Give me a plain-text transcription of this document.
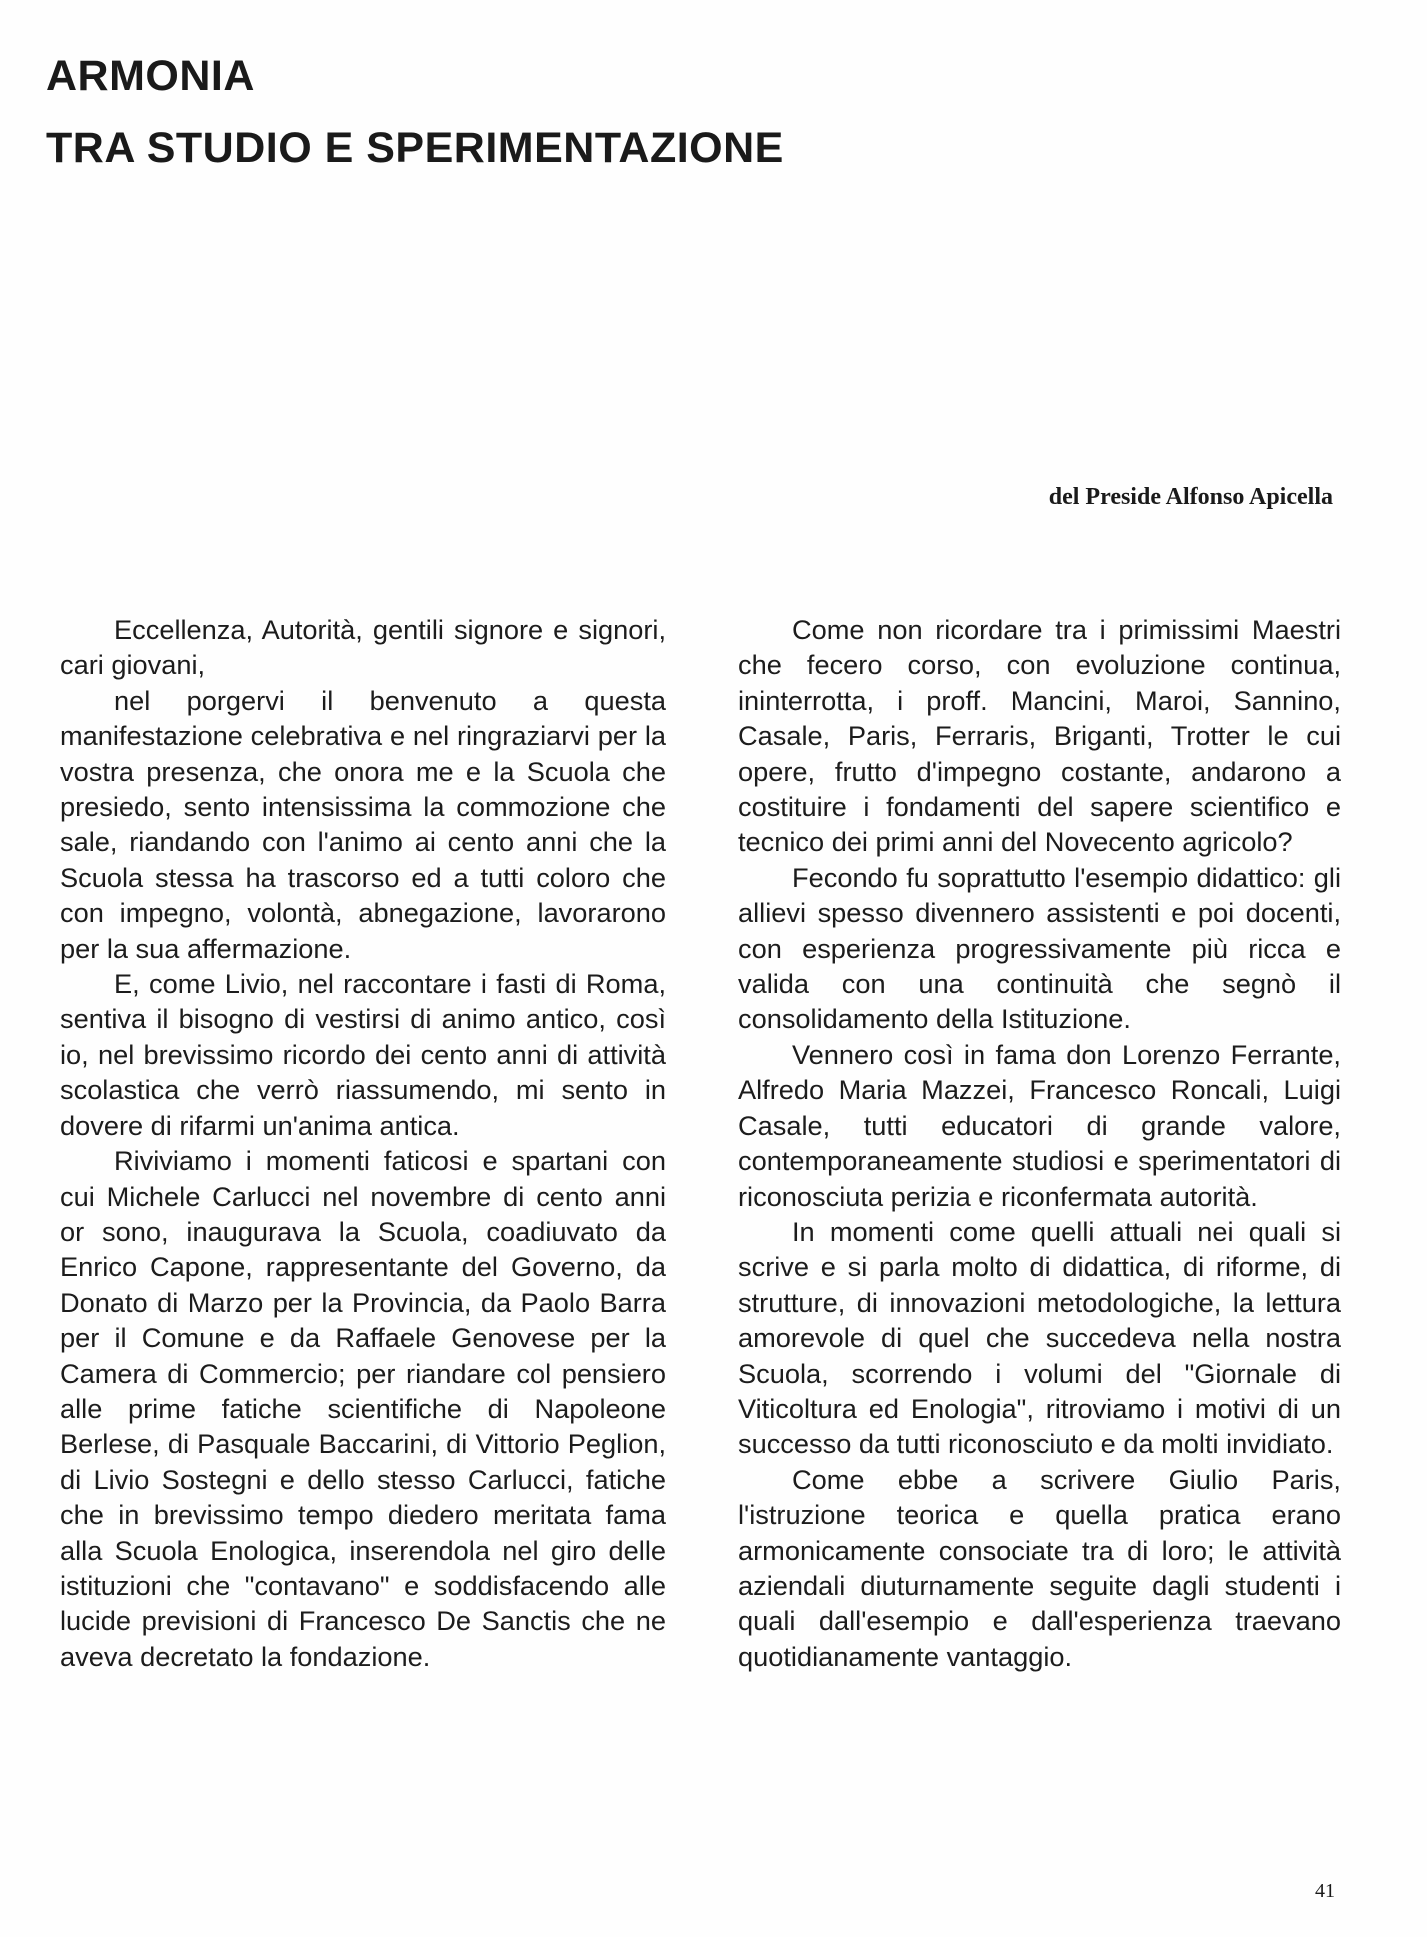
ARMONIA

TRA STUDIO E SPERIMENTAZIONE

del Preside Alfonso Apicella

Eccellenza, Autorità, gentili signore e signori, cari giovani,

nel porgervi il benvenuto a questa manifestazione celebrativa e nel ringraziarvi per la vostra presenza, che onora me e la Scuola che presiedo, sento intensissima la commozione che sale, riandando con l'animo ai cento anni che la Scuola stessa ha trascorso ed a tutti coloro che con impegno, volontà, abnegazione, lavorarono per la sua affermazione.

E, come Livio, nel raccontare i fasti di Roma, sentiva il bisogno di vestirsi di animo antico, così io, nel brevissimo ricordo dei cento anni di attività scolastica che verrò riassumendo, mi sento in dovere di rifarmi un'anima antica.

Riviviamo i momenti faticosi e spartani con cui Michele Carlucci nel novembre di cento anni or sono, inaugurava la Scuola, coadiuvato da Enrico Capone, rappresentante del Governo, da Donato di Marzo per la Provincia, da Paolo Barra per il Comune e da Raffaele Genovese per la Camera di Commercio; per riandare col pensiero alle prime fatiche scientifiche di Napoleone Berlese, di Pasquale Baccarini, di Vittorio Peglion, di Livio Sostegni e dello stesso Carlucci, fatiche che in brevissimo tempo diedero meritata fama alla Scuola Enologica, inserendola nel giro delle istituzioni che "contavano" e soddisfacendo alle lucide previsioni di Francesco De Sanctis che ne aveva decretato la fondazione.

Come non ricordare tra i primissimi Maestri che fecero corso, con evoluzione continua, ininterrotta, i proff. Mancini, Maroi, Sannino, Casale, Paris, Ferraris, Briganti, Trotter le cui opere, frutto d'impegno costante, andarono a costituire i fondamenti del sapere scientifico e tecnico dei primi anni del Novecento agricolo?

Fecondo fu soprattutto l'esempio didattico: gli allievi spesso divennero assistenti e poi docenti, con esperienza progressivamente più ricca e valida con una continuità che segnò il consolidamento della Istituzione.

Vennero così in fama don Lorenzo Ferrante, Alfredo Maria Mazzei, Francesco Roncali, Luigi Casale, tutti educatori di grande valore, contemporaneamente studiosi e sperimentatori di riconosciuta perizia e riconfermata autorità.

In momenti come quelli attuali nei quali si scrive e si parla molto di didattica, di riforme, di strutture, di innovazioni metodologiche, la lettura amorevole di quel che succedeva nella nostra Scuola, scorrendo i volumi del "Giornale di Viticoltura ed Enologia", ritroviamo i motivi di un successo da tutti riconosciuto e da molti invidiato.

Come ebbe a scrivere Giulio Paris, l'istruzione teorica e quella pratica erano armonicamente consociate tra di loro; le attività aziendali diuturnamente seguite dagli studenti i quali dall'esempio e dall'esperienza traevano quotidianamente vantaggio.

41
